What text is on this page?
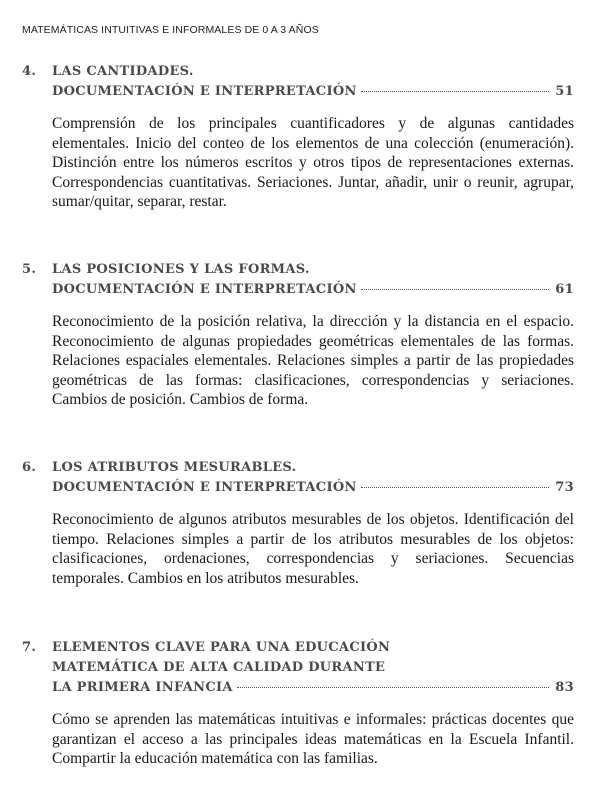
MATEMÁTICAS INTUITIVAS E INFORMALES DE 0 A 3 AÑOS
4.	LAS CANTIDADES.
DOCUMENTACIÓN E INTERPRETACIÓN	51

Comprensión de los principales cuantificadores y de algunas cantidades elementales. Inicio del conteo de los elementos de una colección (enumeración). Distinción entre los números escritos y otros tipos de representaciones externas. Correspondencias cuantitativas. Seriaciones. Juntar, añadir, unir o reunir, agrupar, sumar/quitar, separar, restar.

5.	LAS POSICIONES Y LAS FORMAS.
DOCUMENTACIÓN E INTERPRETACIÓN	61

Reconocimiento de la posición relativa, la dirección y la distancia en el espacio. Reconocimiento de algunas propiedades geométricas elementales de las formas. Relaciones espaciales elementales. Relaciones simples a partir de las propiedades geométricas de las formas: clasificaciones, correspondencias y seriaciones. Cambios de posición. Cambios de forma.

6.	LOS ATRIBUTOS MESURABLES.
DOCUMENTACIÓN E INTERPRETACIÓN	73

Reconocimiento de algunos atributos mesurables de los objetos. Identificación del tiempo. Relaciones simples a partir de los atributos mesurables de los objetos: clasificaciones, ordenaciones, correspondencias y seriaciones. Secuencias temporales. Cambios en los atributos mesurables.

7.	ELEMENTOS CLAVE PARA UNA EDUCACIÓN
MATEMÁTICA DE ALTA CALIDAD DURANTE
LA PRIMERA INFANCIA	83

Cómo se aprenden las matemáticas intuitivas e informales: prácticas docentes que garantizan el acceso a las principales ideas matemáticas en la Escuela Infantil. Compartir la educación matemática con las familias.
